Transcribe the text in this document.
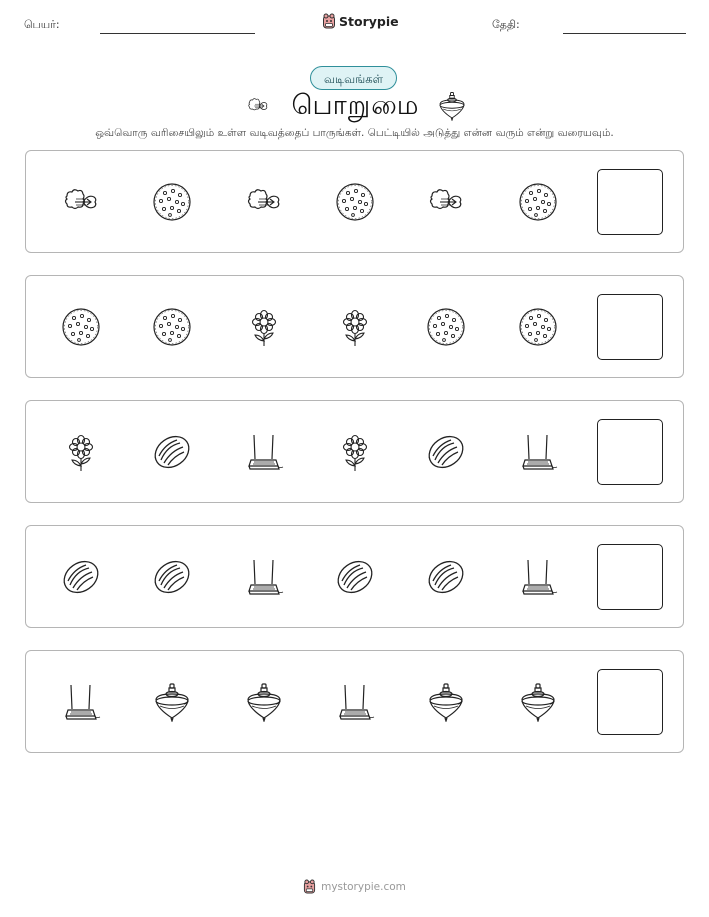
பெயர்:	Storypie	தேதி:
வடிவங்கள்
பொறுமை
ஒவ்வொரு வரிசையிலும் உள்ள வடிவத்தைப் பாருங்கள். பெட்டியில் அடுத்து என்ன வரும் என்று வரையவும்.
mystorypie.com
